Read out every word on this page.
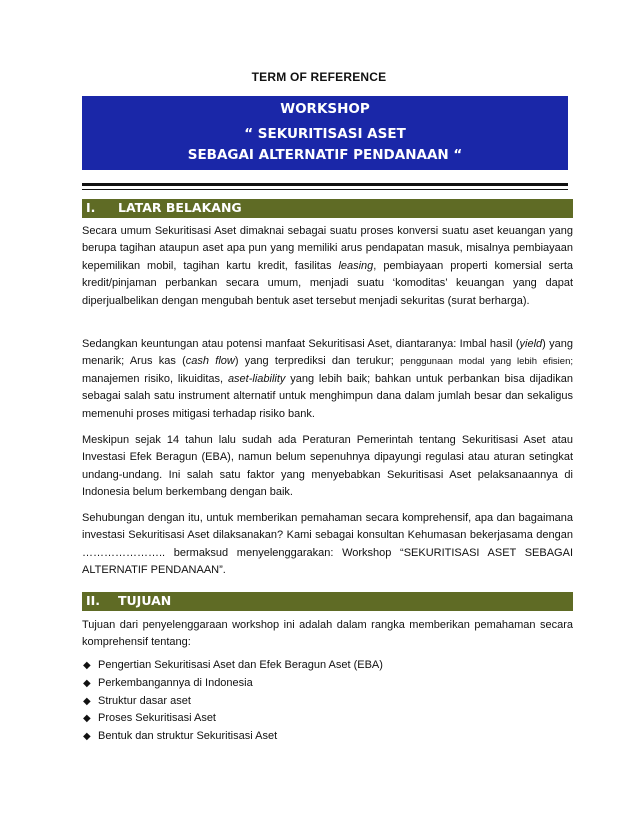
TERM OF REFERENCE
WORKSHOP
“ SEKURITISASI ASET
SEBAGAI ALTERNATIF PENDANAAN “
I. LATAR BELAKANG
Secara umum Sekuritisasi Aset dimaknai sebagai suatu proses konversi suatu aset keuangan yang berupa tagihan ataupun aset apa pun yang memiliki arus pendapatan masuk, misalnya pembiayaan kepemilikan mobil, tagihan kartu kredit, fasilitas leasing, pembiayaan properti komersial serta kredit/pinjaman perbankan secara umum, menjadi suatu ‘komoditas’ keuangan yang dapat diperjualbelikan dengan mengubah bentuk aset tersebut menjadi sekuritas (surat berharga).
Sedangkan keuntungan atau potensi manfaat Sekuritisasi Aset, diantaranya: Imbal hasil (yield) yang menarik; Arus kas (cash flow) yang terprediksi dan terukur; penggunaan modal yang lebih efisien; manajemen risiko, likuiditas, aset-liability yang lebih baik; bahkan untuk perbankan bisa dijadikan sebagai salah satu instrument alternatif untuk menghimpun dana dalam jumlah besar dan sekaligus memenuhi proses mitigasi terhadap risiko bank.
Meskipun sejak 14 tahun lalu sudah ada Peraturan Pemerintah tentang Sekuritisasi Aset atau Investasi Efek Beragun (EBA), namun belum sepenuhnya dipayungi regulasi atau aturan setingkat undang-undang. Ini salah satu faktor yang menyebabkan Sekuritisasi Aset pelaksanaannya di Indonesia belum berkembang dengan baik.
Sehubungan dengan itu, untuk memberikan pemahaman secara komprehensif, apa dan bagaimana investasi Sekuritisasi Aset dilaksanakan? Kami sebagai konsultan Kehumasan bekerjasama dengan ………………….. bermaksud menyelenggarakan: Workshop “SEKURITISASI ASET SEBAGAI ALTERNATIF PENDANAAN”.
II. TUJUAN
Tujuan dari penyelenggaraan workshop ini adalah dalam rangka memberikan pemahaman secara komprehensif tentang:
◆ Pengertian Sekuritisasi Aset dan Efek Beragun Aset (EBA)
◆ Perkembangannya di Indonesia
◆ Struktur dasar aset
◆ Proses Sekuritisasi Aset
◆ Bentuk dan struktur Sekuritisasi Aset
